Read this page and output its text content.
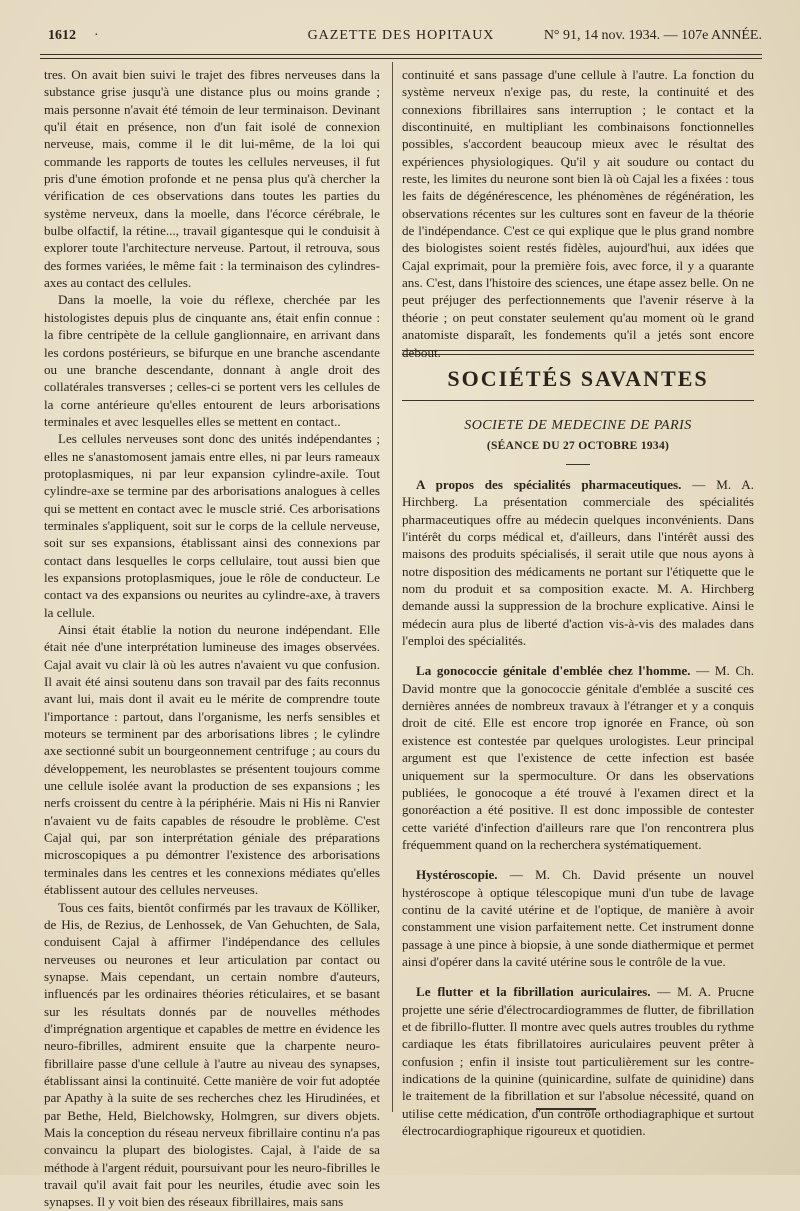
1612 ·	GAZETTE DES HOPITAUX	N° 91, 14 nov. 1934. — 107e ANNÉE.

tres. On avait bien suivi le trajet des fibres nerveuses dans la substance grise jusqu'à une distance plus ou moins grande ; mais personne n'avait été témoin de leur terminaison. Devinant qu'il était en présence, non d'un fait isolé de connexion nerveuse, mais, comme il le dit lui-même, de la loi qui commande les rapports de toutes les cellules nerveuses, il fut pris d'une émotion profonde et ne pensa plus qu'à chercher la vérification de ces observations dans toutes les parties du système nerveux, dans la moelle, dans l'écorce cérébrale, le bulbe olfactif, la rétine..., travail gigantesque qui le conduisit à explorer toute l'architecture nerveuse. Partout, il retrouva, sous des formes variées, le même fait : la terminaison des cylindres-axes au contact des cellules.

Dans la moelle, la voie du réflexe, cherchée par les histologistes depuis plus de cinquante ans, était enfin connue : la fibre centripète de la cellule ganglionnaire, en arrivant dans les cordons postérieurs, se bifurque en une branche ascendante ou une branche descendante, donnant à angle droit des collatérales transverses ; celles-ci se portent vers les cellules de la corne antérieure qu'elles entourent de leurs arborisations terminales et avec lesquelles elles se mettent en contact..

Les cellules nerveuses sont donc des unités indépendantes ; elles ne s'anastomosent jamais entre elles, ni par leurs rameaux protoplasmiques, ni par leur expansion cylindre-axile. Tout cylindre-axe se termine par des arborisations analogues à celles qui se mettent en contact avec le muscle strié. Ces arborisations terminales s'appliquent, soit sur le corps de la cellule nerveuse, soit sur ses expansions, établissant ainsi des connexions par contact dans lesquelles le corps cellulaire, tout aussi bien que les expansions protoplasmiques, joue le rôle de conducteur. Le contact va des expansions ou neurites au cylindre-axe, à travers la cellule.

Ainsi était établie la notion du neurone indépendant. Elle était née d'une interprétation lumineuse des images observées. Cajal avait vu clair là où les autres n'avaient vu que confusion. Il avait été ainsi soutenu dans son travail par des faits reconnus avant lui, mais dont il avait eu le mérite de comprendre toute l'importance : partout, dans l'organisme, les nerfs sensibles et moteurs se terminent par des arborisations libres ; le cylindre axe sectionné subit un bourgeonnement centrifuge ; au cours du développement, les neuroblastes se présentent toujours comme une cellule isolée avant la production de ses expansions ; les nerfs croissent du centre à la périphérie. Mais ni His ni Ranvier n'avaient vu de faits capables de résoudre le problème. C'est Cajal qui, par son interprétation géniale des préparations microscopiques a pu démontrer l'existence des arborisations terminales dans les centres et les connexions médiates qu'elles établissent autour des cellules nerveuses.

Tous ces faits, bientôt confirmés par les travaux de Kölliker, de His, de Rezius, de Lenhossek, de Van Gehuchten, de Sala, conduisent Cajal à affirmer l'indépendance des cellules nerveuses ou neurones et leur articulation par contact ou synapse. Mais cependant, un certain nombre d'auteurs, influencés par les ordinaires théories réticulaires, et se basant sur les résultats donnés par de nouvelles méthodes d'imprégnation argentique et capables de mettre en évidence les neuro-fibrilles, admirent ensuite que la charpente neuro-fibrillaire passe d'une cellule à l'autre au niveau des synapses, établissant ainsi la continuité. Cette manière de voir fut adoptée par Apathy à la suite de ses recherches chez les Hirudinées, et par Bethe, Held, Bielchowsky, Holmgren, sur divers objets. Mais la conception du réseau nerveux fibrillaire continu n'a pas convaincu la plupart des biologistes. Cajal, à l'aide de sa méthode à l'argent réduit, poursuivant pour les neuro-fibrilles le travail qu'il avait fait pour les neuriles, étudie avec soin les synapses. Il y voit bien des réseaux fibrillaires, mais sans

continuité et sans passage d'une cellule à l'autre. La fonction du système nerveux n'exige pas, du reste, la continuité et des connexions fibrillaires sans interruption ; le contact et la discontinuité, en multipliant les combinaisons fonctionnelles possibles, s'accordent beaucoup mieux avec le résultat des expériences physiologiques. Qu'il y ait soudure ou contact du reste, les limites du neurone sont bien là où Cajal les a fixées : tous les faits de dégénérescence, les phénomènes de régénération, les observations récentes sur les cultures sont en faveur de la théorie de l'indépendance. C'est ce qui explique que le plus grand nombre des biologistes soient restés fidèles, aujourd'hui, aux idées que Cajal exprimait, pour la première fois, avec force, il y a quarante ans. C'est, dans l'histoire des sciences, une étape assez belle. On ne peut préjuger des perfectionnements que l'avenir réserve à la théorie ; on peut constater seulement qu'au moment où le grand anatomiste disparaît, les fondements qu'il a jetés sont encore debout.

SOCIÉTÉS SAVANTES
SOCIETE DE MEDECINE DE PARIS
(SÉANCE DU 27 OCTOBRE 1934)

A propos des spécialités pharmaceutiques. — M. A. Hirchberg. La présentation commerciale des spécialités pharmaceutiques offre au médecin quelques inconvénients. Dans l'intérêt du corps médical et, d'ailleurs, dans l'intérêt aussi des maisons des produits spécialisés, il serait utile que nous ayons à notre disposition des médicaments ne portant sur l'étiquette que le nom du produit et sa composition exacte. M. A. Hirchberg demande aussi la suppression de la brochure explicative. Ainsi le médecin aura plus de liberté d'action vis-à-vis des malades dans l'emploi des spécialités.

La gonococcie génitale d'emblée chez l'homme. — M. Ch. David montre que la gonococcie génitale d'emblée a suscité ces dernières années de nombreux travaux à l'étranger et y a conquis droit de cité. Elle est encore trop ignorée en France, où son existence est contestée par quelques urologistes. Leur principal argument est que l'existence de cette infection est basée uniquement sur la spermoculture. Or dans les observations publiées, le gonocoque a été trouvé à l'examen direct et la gonoréaction a été positive. Il est donc impossible de contester cette variété d'infection d'ailleurs rare que l'on rencontrera plus fréquemment quand on la recherchera systématiquement.

Hystéroscopie. — M. Ch. David présente un nouvel hystéroscope à optique télescopique muni d'un tube de lavage continu de la cavité utérine et de l'optique, de manière à avoir constamment une vision parfaitement nette. Cet instrument donne passage à une pince à biopsie, à une sonde diathermique et permet ainsi d'opérer dans la cavité utérine sous le contrôle de la vue.

Le flutter et la fibrillation auriculaires. — M. A. Prucne projette une série d'électrocardiogrammes de flutter, de fibrillation et de fibrillo-flutter. Il montre avec quels autres troubles du rythme cardiaque les états fibrillatoires auriculaires peuvent prêter à confusion ; enfin il insiste tout particulièrement sur les contre-indications de la quinine (quinicardine, sulfate de quinidine) dans le traitement de la fibrillation et sur l'absolue nécessité, quand on utilise cette médication, d'un contrôle orthodiagraphique et surtout électrocardiographique rigoureux et quotidien.
